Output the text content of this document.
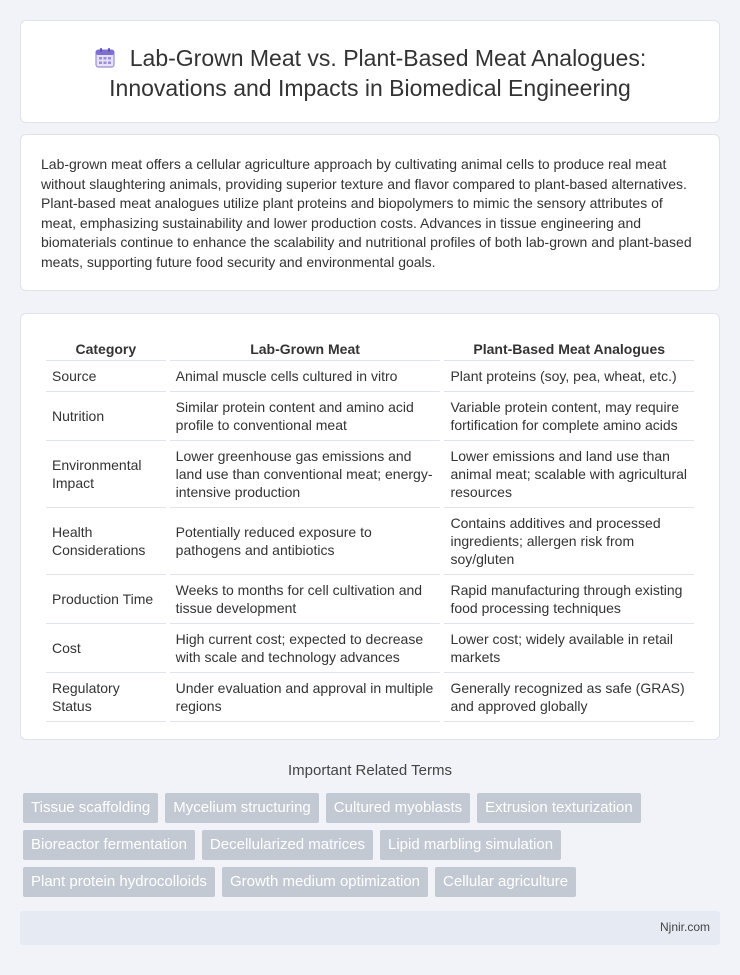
Lab-Grown Meat vs. Plant-Based Meat Analogues: Innovations and Impacts in Biomedical Engineering

Lab-grown meat offers a cellular agriculture approach by cultivating animal cells to produce real meat without slaughtering animals, providing superior texture and flavor compared to plant-based alternatives. Plant-based meat analogues utilize plant proteins and biopolymers to mimic the sensory attributes of meat, emphasizing sustainability and lower production costs. Advances in tissue engineering and biomaterials continue to enhance the scalability and nutritional profiles of both lab-grown and plant-based meats, supporting future food security and environmental goals.

Category	Lab-Grown Meat	Plant-Based Meat Analogues
Source	Animal muscle cells cultured in vitro	Plant proteins (soy, pea, wheat, etc.)
Nutrition	Similar protein content and amino acid profile to conventional meat	Variable protein content, may require fortification for complete amino acids
Environmental Impact	Lower greenhouse gas emissions and land use than conventional meat; energy-intensive production	Lower emissions and land use than animal meat; scalable with agricultural resources
Health Considerations	Potentially reduced exposure to pathogens and antibiotics	Contains additives and processed ingredients; allergen risk from soy/gluten
Production Time	Weeks to months for cell cultivation and tissue development	Rapid manufacturing through existing food processing techniques
Cost	High current cost; expected to decrease with scale and technology advances	Lower cost; widely available in retail markets
Regulatory Status	Under evaluation and approval in multiple regions	Generally recognized as safe (GRAS) and approved globally
Important Related Terms
Tissue scaffolding	Mycelium structuring	Cultured myoblasts	Extrusion texturization
Bioreactor fermentation	Decellularized matrices	Lipid marbling simulation
Plant protein hydrocolloids	Growth medium optimization	Cellular agriculture
Njnir.com
